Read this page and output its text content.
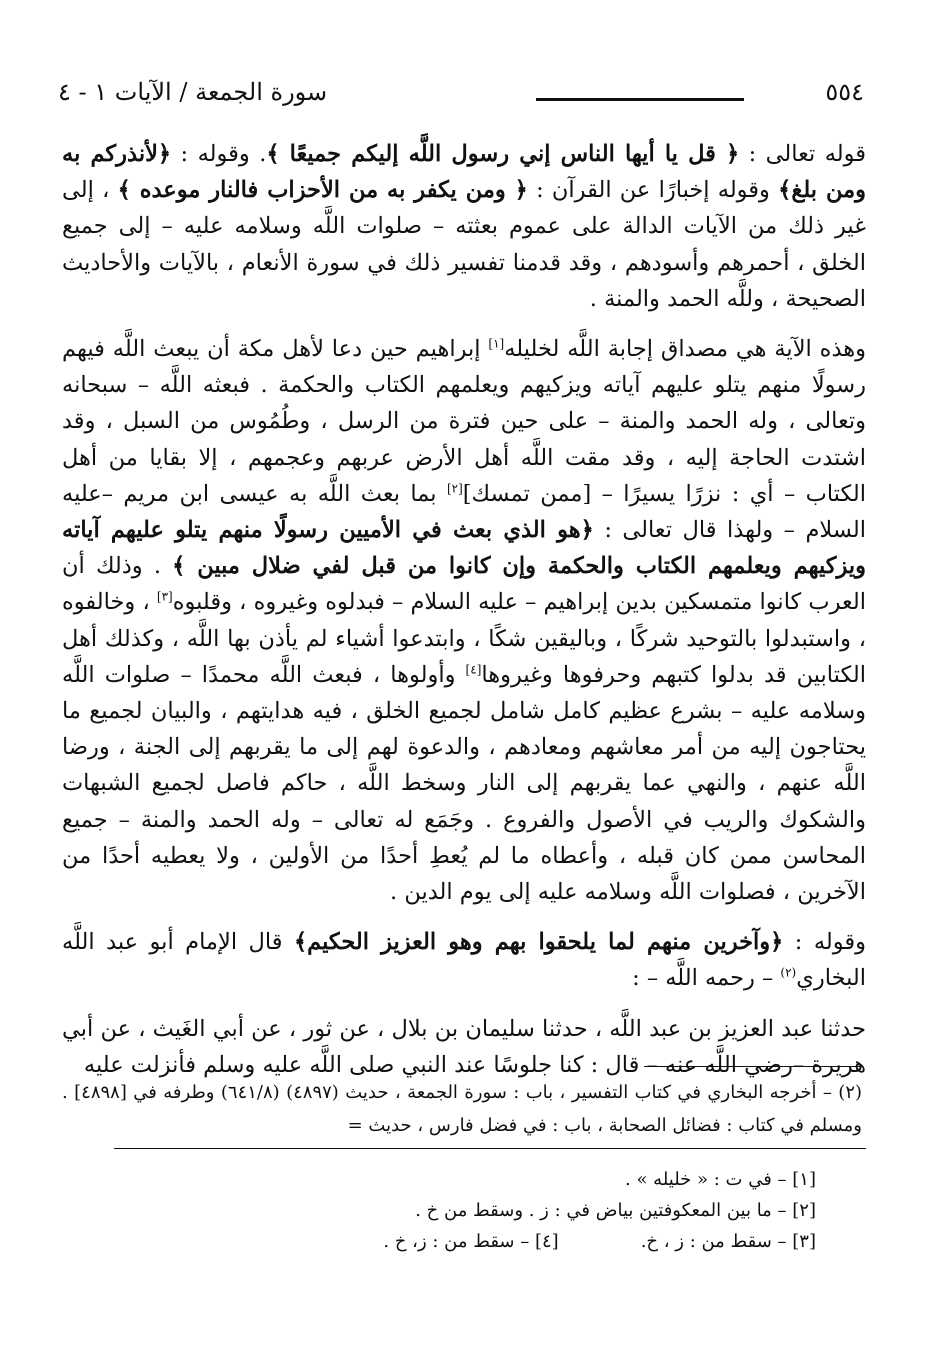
٥٥٤
سورة الجمعة / الآيات ١ - ٤

قوله تعالى : ﴿ قل يا أيها الناس إني رسول اللَّه إليكم جميعًا ﴾. وقوله : ﴿لأنذركم به ومن بلغ﴾ وقوله إخبارًا عن القرآن : ﴿ ومن يكفر به من الأحزاب فالنار موعده ﴾ ، إلى غير ذلك من الآيات الدالة على عموم بعثته – صلوات اللَّه وسلامه عليه – إلى جميع الخلق ، أحمرهم وأسودهم ، وقد قدمنا تفسير ذلك في سورة الأنعام ، بالآيات والأحاديث الصحيحة ، وللَّه الحمد والمنة .

وهذه الآية هي مصداق إجابة اللَّه لخليله[١] إبراهيم حين دعا لأهل مكة أن يبعث اللَّه فيهم رسولًا منهم يتلو عليهم آياته ويزكيهم ويعلمهم الكتاب والحكمة . فبعثه اللَّه – سبحانه وتعالى ، وله الحمد والمنة – على حين فترة من الرسل ، وطُمُوس من السبل ، وقد اشتدت الحاجة إليه ، وقد مقت اللَّه أهل الأرض عربهم وعجمهم ، إلا بقايا من أهل الكتاب – أي : نزرًا يسيرًا – [ممن تمسك][٢] بما بعث اللَّه به عيسى ابن مريم –عليه السلام – ولهذا قال تعالى : ﴿هو الذي بعث في الأميين رسولًا منهم يتلو عليهم آياته ويزكيهم ويعلمهم الكتاب والحكمة وإن كانوا من قبل لفي ضلال مبين ﴾ . وذلك أن العرب كانوا متمسكين بدين إبراهيم – عليه السلام – فبدلوه وغيروه ، وقلبوه[٣] ، وخالفوه ، واستبدلوا بالتوحيد شركًا ، وباليقين شكًا ، وابتدعوا أشياء لم يأذن بها اللَّه ، وكذلك أهل الكتابين قد بدلوا كتبهم وحرفوها وغيروها[٤] وأولوها ، فبعث اللَّه محمدًا – صلوات اللَّه وسلامه عليه – بشرع عظيم كامل شامل لجميع الخلق ، فيه هدايتهم ، والبيان لجميع ما يحتاجون إليه من أمر معاشهم ومعادهم ، والدعوة لهم إلى ما يقربهم إلى الجنة ، ورضا اللَّه عنهم ، والنهي عما يقربهم إلى النار وسخط اللَّه ، حاكم فاصل لجميع الشبهات والشكوك والريب في الأصول والفروع . وجَمَع له تعالى – وله الحمد والمنة – جميع المحاسن ممن كان قبله ، وأعطاه ما لم يُعطِ أحدًا من الأولين ، ولا يعطيه أحدًا من الآخرين ، فصلوات اللَّه وسلامه عليه إلى يوم الدين .

وقوله : ﴿وآخرين منهم لما يلحقوا بهم وهو العزيز الحكيم﴾ قال الإمام أبو عبد اللَّه البخاري$^{(٢)}$ – رحمه اللَّه – :

حدثنا عبد العزيز بن عبد اللَّه ، حدثنا سليمان بن بلال ، عن ثور ، عن أبي الغَيث ، عن أبي هريرة –رضي اللَّه عنه – قال : كنا جلوسًا عند النبي صلى اللَّه عليه وسلم فأنزلت عليه

(٢) – أخرجه البخاري في كتاب التفسير ، باب : سورة الجمعة ، حديث (٤٨٩٧) (٦٤١/٨) وطرفه في [٤٨٩٨] . ومسلم في كتاب : فضائل الصحابة ، باب : في فضل فارس ، حديث =
[١] – في ت : « خليله » .
[٢] – ما بين المعكوفتين بياض في : ز . وسقط من خ .
[٣] – سقط من : ز ، خ.[٤] – سقط من : ز، خ .
